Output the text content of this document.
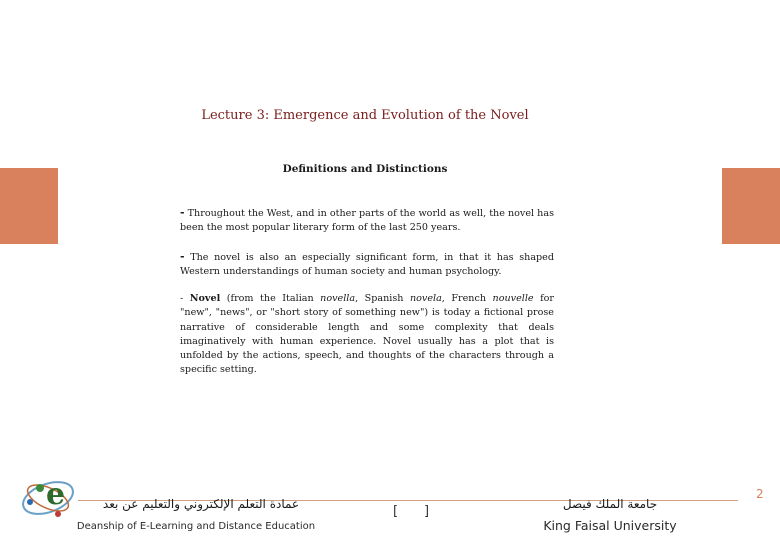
Lecture 3: Emergence and Evolution of the Novel
Definitions and Distinctions
- Throughout the West, and in other parts of the world as well, the novel has been the most popular literary form of the last 250 years.
- The novel is also an especially significant form, in that it has shaped Western understandings of human society and human psychology.
- Novel (from the Italian novella, Spanish novela, French nouvelle for "new", "news", or "short story of something new") is today a fictional prose narrative of considerable length and some complexity that deals imaginatively with human experience. Novel usually has a plot that is unfolded by the actions, speech, and thoughts of the characters through a specific setting.
e	عمادة التعلم الإلكتروني والتعليم عن بعد
Deanship of E-Learning and Distance Education
[ ]	جامعة الملك فيصل
King Faisal University
2
